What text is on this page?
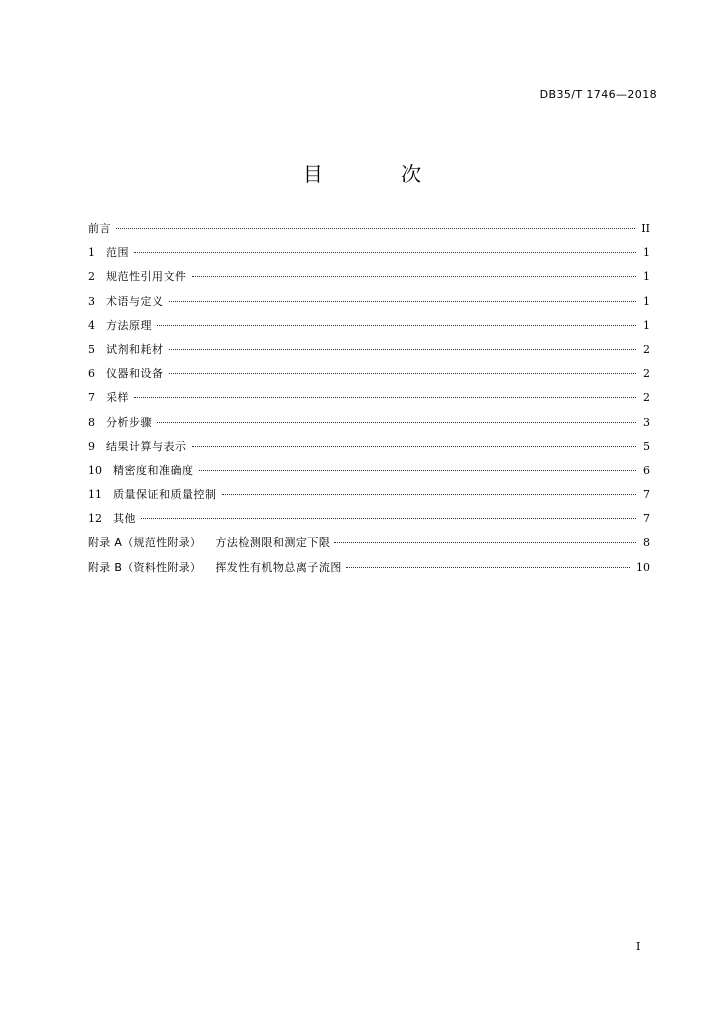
DB35/T 1746—2018
目 次
前言	II
1	范围	1
2	规范性引用文件	1
3	术语与定义	1
4	方法原理	1
5	试剂和耗材	2
6	仪器和设备	2
7	采样	2
8	分析步骤	3
9	结果计算与表示	5
10	精密度和准确度	6
11	质量保证和质量控制	7
12	其他	7
附录 A（规范性附录）	方法检测限和测定下限	8
附录 B（资料性附录）	挥发性有机物总离子流图	10
I
